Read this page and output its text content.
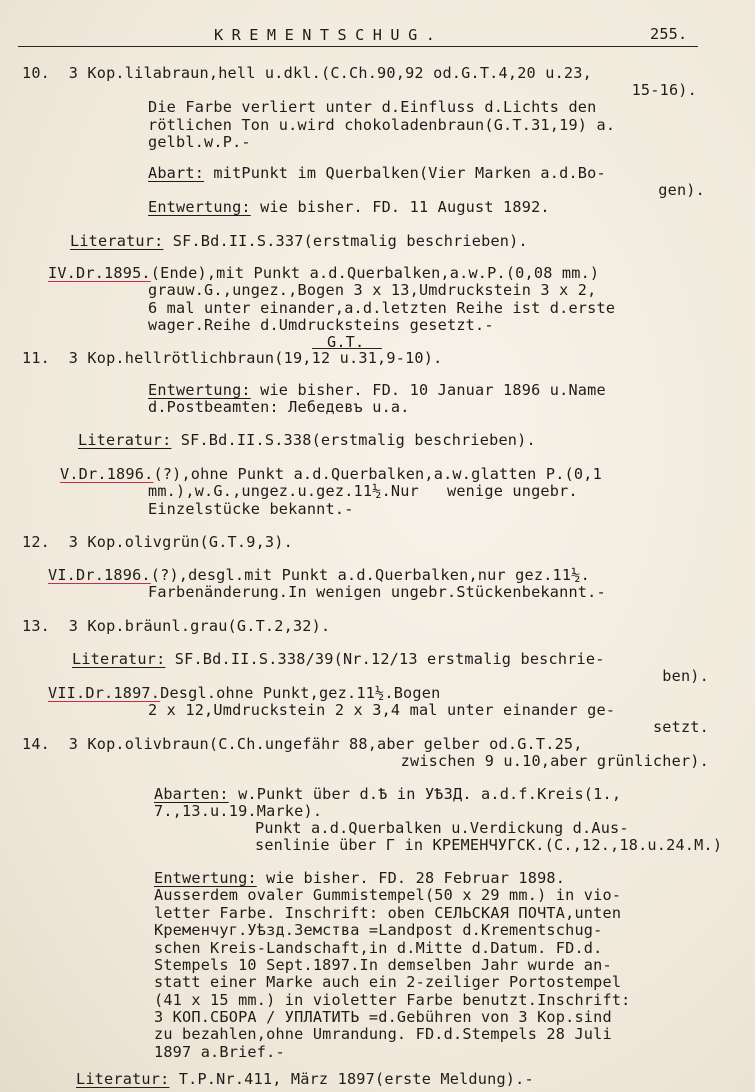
KREMENTSCHUG.	255.
10.  3 Kop.lilabraun,hell u.dkl.(C.Ch.90,92 od.G.T.4,20 u.23,
15-16).
Die Farbe verliert unter d.Einfluss d.Lichts den
rötlichen Ton u.wird chokoladenbraun(G.T.31,19) a.
gelbl.w.P.-
Abart: mitPunkt im Querbalken(Vier Marken a.d.Bo-
gen).
Entwertung: wie bisher. FD. 11 August 1892.
Literatur: SF.Bd.II.S.337(erstmalig beschrieben).
IV.Dr.1895.(Ende),mit Punkt a.d.Querbalken,a.w.P.(0,08 mm.)
grauw.G.,ungez.,Bogen 3 x 13,Umdruckstein 3 x 2,
6 mal unter einander,a.d.letzten Reihe ist d.erste
wager.Reihe d.Umdrucksteins gesetzt.-
G.T.
11.  3 Kop.hellrötlichbraun(19,12 u.31,9-10).
Entwertung: wie bisher. FD. 10 Januar 1896 u.Name
d.Postbeamten: Лебедевъ u.a.
Literatur: SF.Bd.II.S.338(erstmalig beschrieben).
V.Dr.1896.(?),ohne Punkt a.d.Querbalken,a.w.glatten P.(0,1
mm.),w.G.,ungez.u.gez.11½.Nur   wenige ungebr.
Einzelstücke bekannt.-
12.  3 Kop.olivgrün(G.T.9,3).
VI.Dr.1896.(?),desgl.mit Punkt a.d.Querbalken,nur gez.11½.
Farbenänderung.In wenigen ungebr.Stückenbekannt.-
13.  3 Kop.bräunl.grau(G.T.2,32).
Literatur: SF.Bd.II.S.338/39(Nr.12/13 erstmalig beschrie-
ben).
VII.Dr.1897.Desgl.ohne Punkt,gez.11½.Bogen
2 x 12,Umdruckstein 2 x 3,4 mal unter einander ge-
setzt.
14.  3 Kop.olivbraun(C.Ch.ungefähr 88,aber gelber od.G.T.25,
zwischen 9 u.10,aber grünlicher).
Abarten: w.Punkt über d.Ѣ in УѢЗД. a.d.f.Kreis(1.,
7.,13.u.19.Marke).
Punkt a.d.Querbalken u.Verdickung d.Aus-
senlinie über Г in КРЕМЕНЧУГСК.(C.,12.,18.u.24.M.)
Entwertung: wie bisher. FD. 28 Februar 1898.
Ausserdem ovaler Gummistempel(50 x 29 mm.) in vio-
letter Farbe. Inschrift: oben СЕЛЬСКАЯ ПОЧТА,unten
Кременчуг.Уѣзд.Земства =Landpost d.Krementschug-
schen Kreis-Landschaft,in d.Mitte d.Datum. FD.d.
Stempels 10 Sept.1897.In demselben Jahr wurde an-
statt einer Marke auch ein 2-zeiliger Portostempel
(41 x 15 mm.) in violetter Farbe benutzt.Inschrift:
3 КОП.СБОРА / УПЛАТИТЬ =d.Gebühren von 3 Kop.sind
zu bezahlen,ohne Umrandung. FD.d.Stempels 28 Juli
1897 a.Brief.-
Literatur: T.P.Nr.411, März 1897(erste Meldung).-
